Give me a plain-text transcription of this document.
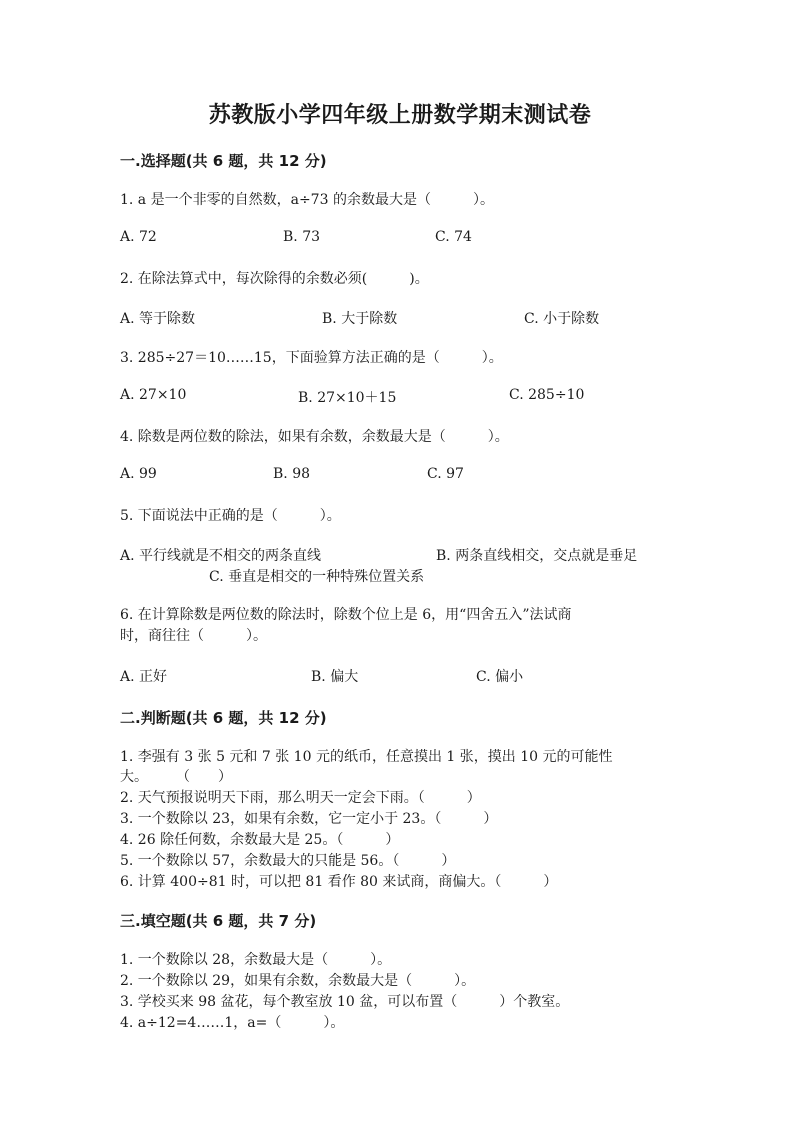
苏教版小学四年级上册数学期末测试卷
一.选择题(共 6 题，共 12 分)
1. a 是一个非零的自然数，a÷73 的余数最大是（　　　）。
A. 72	B. 73	C. 74
2. 在除法算式中，每次除得的余数必须(　　　)。
A. 等于除数	B. 大于除数	C. 小于除数
3. 285÷27＝10……15，下面验算方法正确的是（　　　）。
A. 27×10	B. 27×10＋15	C. 285÷10
4. 除数是两位数的除法，如果有余数，余数最大是（　　　）。
A. 99	B. 98	C. 97
5. 下面说法中正确的是（　　　）。
A. 平行线就是不相交的两条直线	B. 两条直线相交，交点就是垂足
C. 垂直是相交的一种特殊位置关系
6. 在计算除数是两位数的除法时，除数个位上是 6，用“四舍五入”法试商
时，商往往（　　　）。
A. 正好	B. 偏大	C. 偏小
二.判断题(共 6 题，共 12 分)
1. 李强有 3 张 5 元和 7 张 10 元的纸币，任意摸出 1 张，摸出 10 元的可能性
大。　　　（　　）
2. 天气预报说明天下雨，那么明天一定会下雨。（　　　）
3. 一个数除以 23，如果有余数，它一定小于 23。（　　　）
4. 26 除任何数，余数最大是 25。（　　　）
5. 一个数除以 57，余数最大的只能是 56。（　　　）
6. 计算 400÷81 时，可以把 81 看作 80 来试商，商偏大。（　　　）
三.填空题(共 6 题，共 7 分)
1. 一个数除以 28，余数最大是（　　　）。
2. 一个数除以 29，如果有余数，余数最大是（　　　）。
3. 学校买来 98 盆花，每个教室放 10 盆，可以布置（　　　）个教室。
4. a÷12=4……1，a=（　　　）。
